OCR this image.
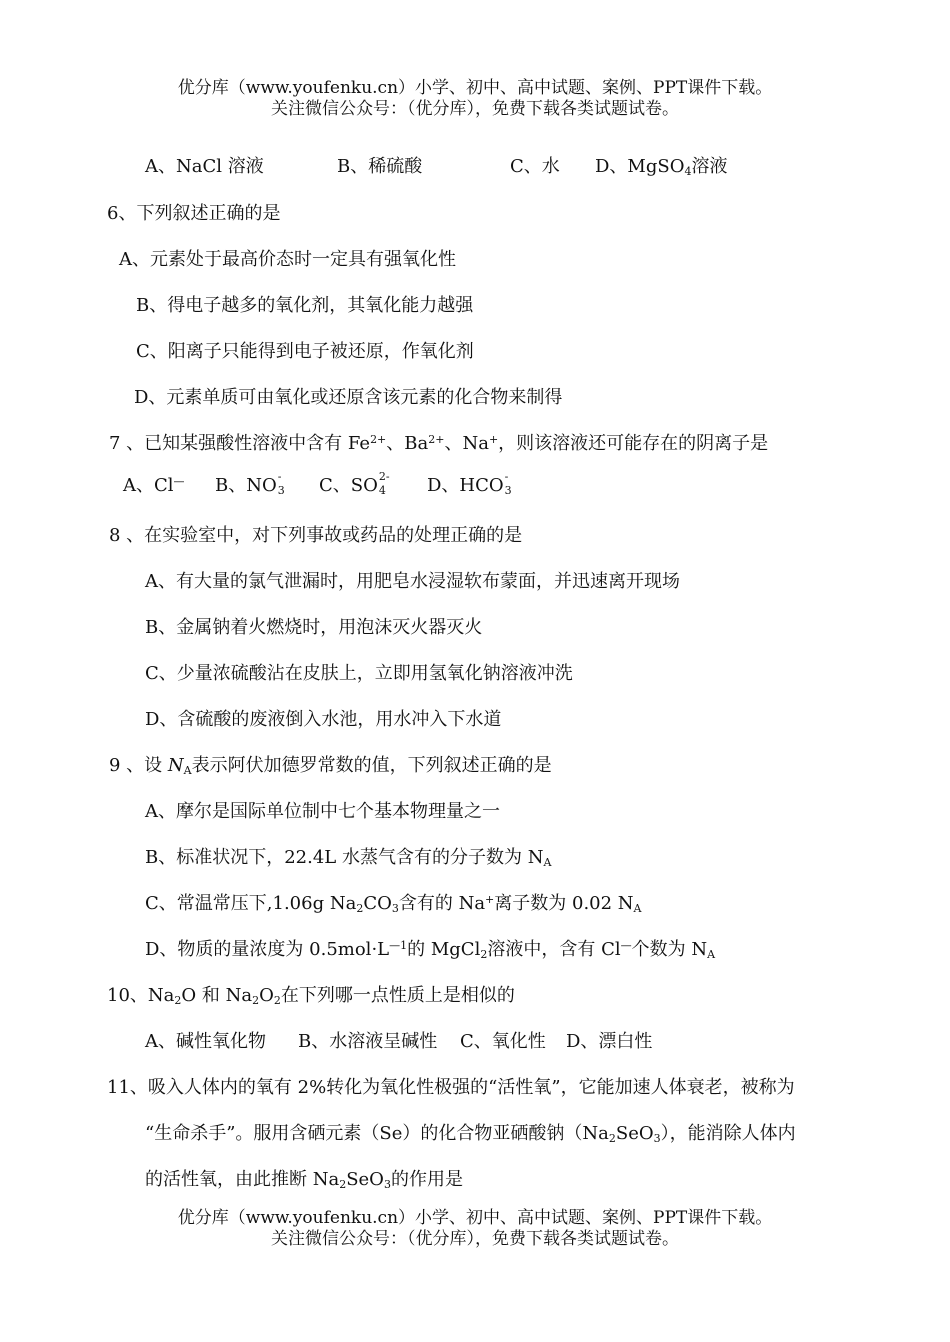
优分库（www.youfenku.cn）小学、初中、高中试题、案例、PPT课件下载。
关注微信公众号：（优分库），免费下载各类试题试卷。
A、NaCl 溶液	B、稀硫酸	C、水 D、MgSO$_4$溶液
6、下列叙述正确的是
A、元素处于最高价态时一定具有强氧化性
B、得电子越多的氧化剂，其氧化能力越强
C、阳离子只能得到电子被还原，作氧化剂
D、元素单质可由氧化或还原含该元素的化合物来制得
7 、已知某强酸性溶液中含有 $Fe^{2+}$、$Ba^{2+}$、Na+，则该溶液还可能存在的阴离子是
A、Cl— B、NO -
3 C、SO 2-
4 D、HCO -
3
8 、在实验室中，对下列事故或药品的处理正确的是
A、有大量的氯气泄漏时，用肥皂水浸湿软布蒙面，并迅速离开现场
B、金属钠着火燃烧时，用泡沫灭火器灭火
C、少量浓硫酸沾在皮肤上，立即用氢氧化钠溶液冲洗
D、含硫酸的废液倒入水池，用水冲入下水道
9 、设 $N_A$表示阿伏加德罗常数的值，下列叙述正确的是
A、摩尔是国际单位制中七个基本物理量之一
B、标准状况下，22.4L 水蒸气含有的分子数为 $N_A$
C、常温常压下,1.06g $Na_2CO_3$含有的 Na+离子数为 0.02 $N_A$
D、物质的量浓度为 $0.5mol\cdot L^{—1}$的 MgCl$_2$溶液中，含有 Cl—个数为 $N_A$
10、$Na_2O$ 和 $Na_2O_2$在下列哪一点性质上是相似的
A、碱性氧化物 B、水溶液呈碱性 C、氧化性 D、漂白性
11、吸入人体内的氧有 2%转化为氧化性极强的“活性氧”，它能加速人体衰老，被称为
“生命杀手”。服用含硒元素（Se）的化合物亚硒酸钠$(Na_2SeO_3)$，能消除人体内
的活性氧，由此推断 $Na_2SeO_3$的作用是
优分库（www.youfenku.cn）小学、初中、高中试题、案例、PPT课件下载。
关注微信公众号：（优分库），免费下载各类试题试卷。
